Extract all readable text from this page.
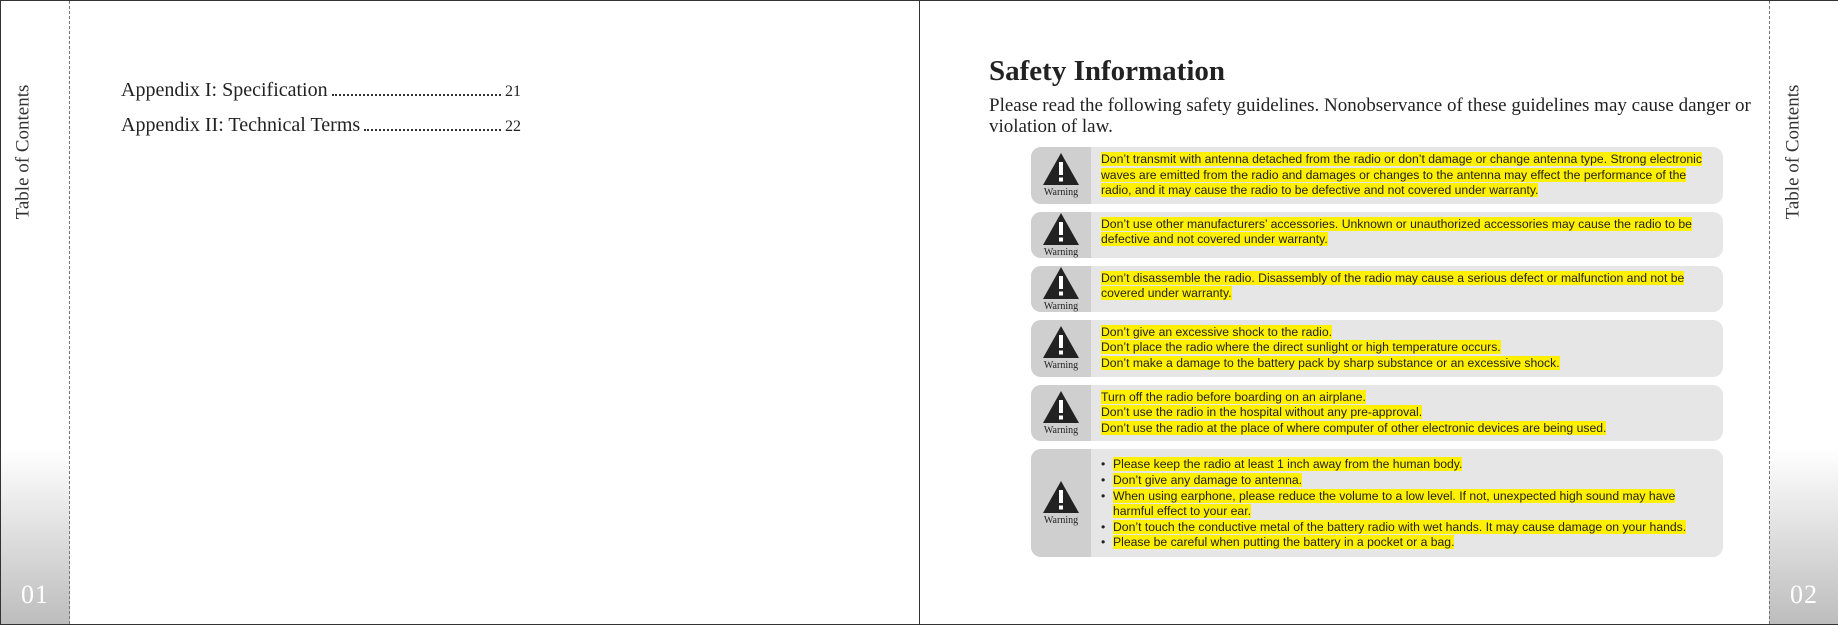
Table of Contents
01
Appendix I: Specification	21
Appendix II: Technical Terms	22
Safety Information

Please read the following safety guidelines. Nonobservance of these guidelines may cause danger or violation of law.

Warning
Don’t transmit with antenna detached from the radio or don’t damage or change antenna type. Strong electronic waves are emitted from the radio and damages or changes to the antenna may effect the performance of the radio, and it may cause the radio to be defective and not covered under warranty.
Warning
Don’t use other manufacturers’ accessories. Unknown or unauthorized accessories may cause the radio to be defective and not covered under warranty.
Warning
Don’t disassemble the radio. Disassembly of the radio may cause a serious defect or malfunction and not be covered under warranty.
Warning
Don’t give an excessive shock to the radio.
Don’t place the radio where the direct sunlight or high temperature occurs.
Don’t make a damage to the battery pack by sharp substance or an excessive shock.
Warning
Turn off the radio before boarding on an airplane.
Don’t use the radio in the hospital without any pre-approval.
Don’t use the radio at the place of where computer of other electronic devices are being used.
Warning
• Please keep the radio at least 1 inch away from the human body.
• Don’t give any damage to antenna.
• When using earphone, please reduce the volume to a low level. If not, unexpected high sound may have harmful effect to your ear.
• Don’t touch the conductive metal of the battery radio with wet hands. It may cause damage on your hands.
• Please be careful when putting the battery in a pocket or a bag.
Table of Contents
02
